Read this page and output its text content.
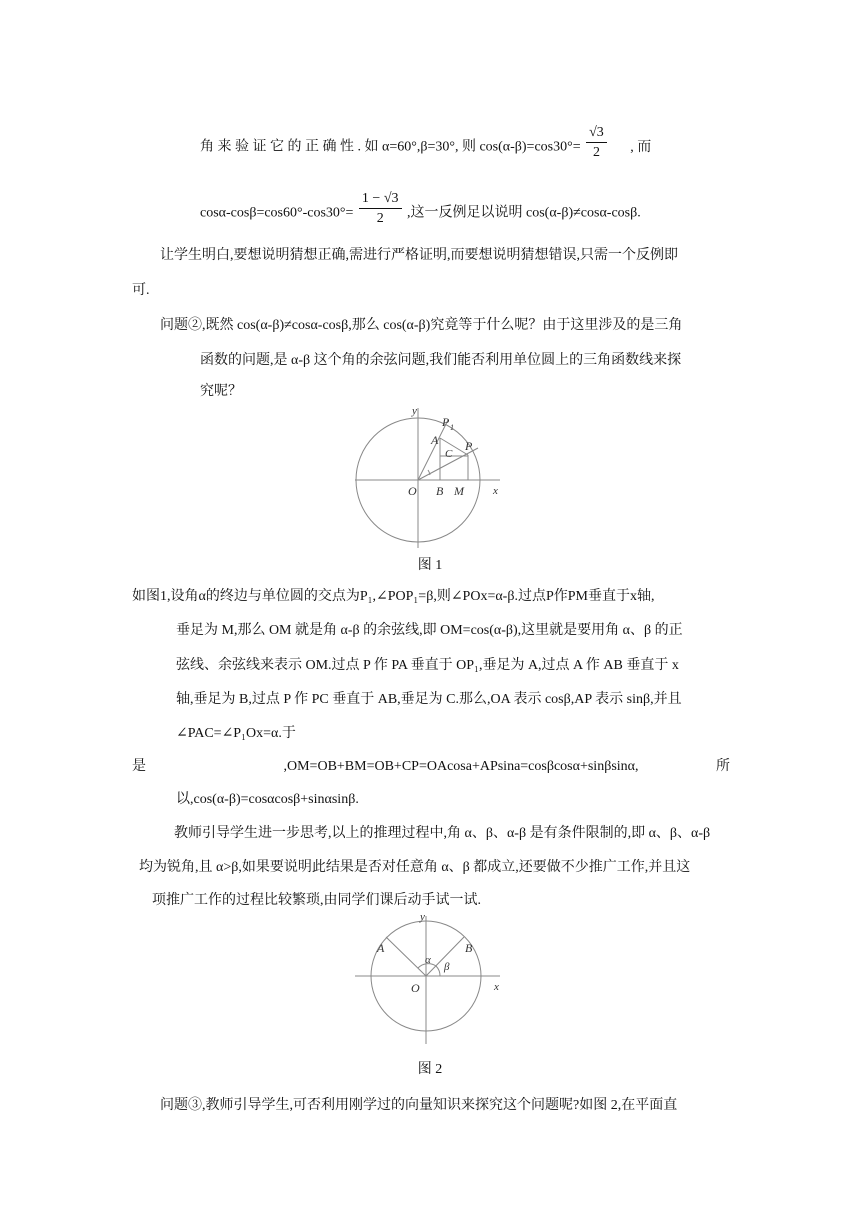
角 来 验 证 它 的 正 确 性 . 如 α=60°,β=30°, 则 $\cos(\alpha-\beta)=\cos 30^\circ= \frac{√3}{2}$ , 而
$\cos\alpha-\cos\beta=\cos 60^\circ-\cos 30^\circ= \frac{1 - √3}{2}$ ,这一反例足以说明 cos(α-β)≠cosα-cosβ.
让学生明白,要想说明猜想正确,需进行严格证明,而要想说明猜想错误,只需一个反例即
可.
问题②,既然 cos(α-β)≠cosα-cosβ,那么 cos(α-β)究竟等于什么呢？由于这里涉及的是三角
函数的问题,是 α-β 这个角的余弦问题,我们能否利用单位圆上的三角函数线来探
究呢？
y
x
O B M
A
C
P
P 1
图 1
如图1,设角α的终边与单位圆的交点为P₁,∠POP₁=β,则∠POx=α-β.过点P作PM垂直于x轴,
垂足为 M,那么 OM 就是角 α-β 的余弦线,即 OM=cos(α-β),这里就是要用角 α、β 的正
弦线、余弦线来表示 OM.过点 P 作 PA 垂直于 OP₁,垂足为 A,过点 A 作 AB 垂直于 x
轴,垂足为 B,过点 P 作 PC 垂直于 AB,垂足为 C.那么,OA 表示 cosβ,AP 表示 sinβ,并且
∠PAC=∠P₁Ox=α.于
是	,OM=OB+BM=OB+CP=OAcosa+APsina=cosβcosα+sinβsinα,	所
以,cos(α-β)=cosαcosβ+sinαsinβ.
教师引导学生进一步思考,以上的推理过程中,角 α、β、α-β 是有条件限制的,即 α、β、α-β
均为锐角,且 α>β,如果要说明此结果是否对任意角 α、β 都成立,还要做不少推广工作,并且这
项推广工作的过程比较繁琐,由同学们课后动手试一试.
y
x
O
A	B
α
β
图 2
问题③,教师引导学生,可否利用刚学过的向量知识来探究这个问题呢?如图 2,在平面直
